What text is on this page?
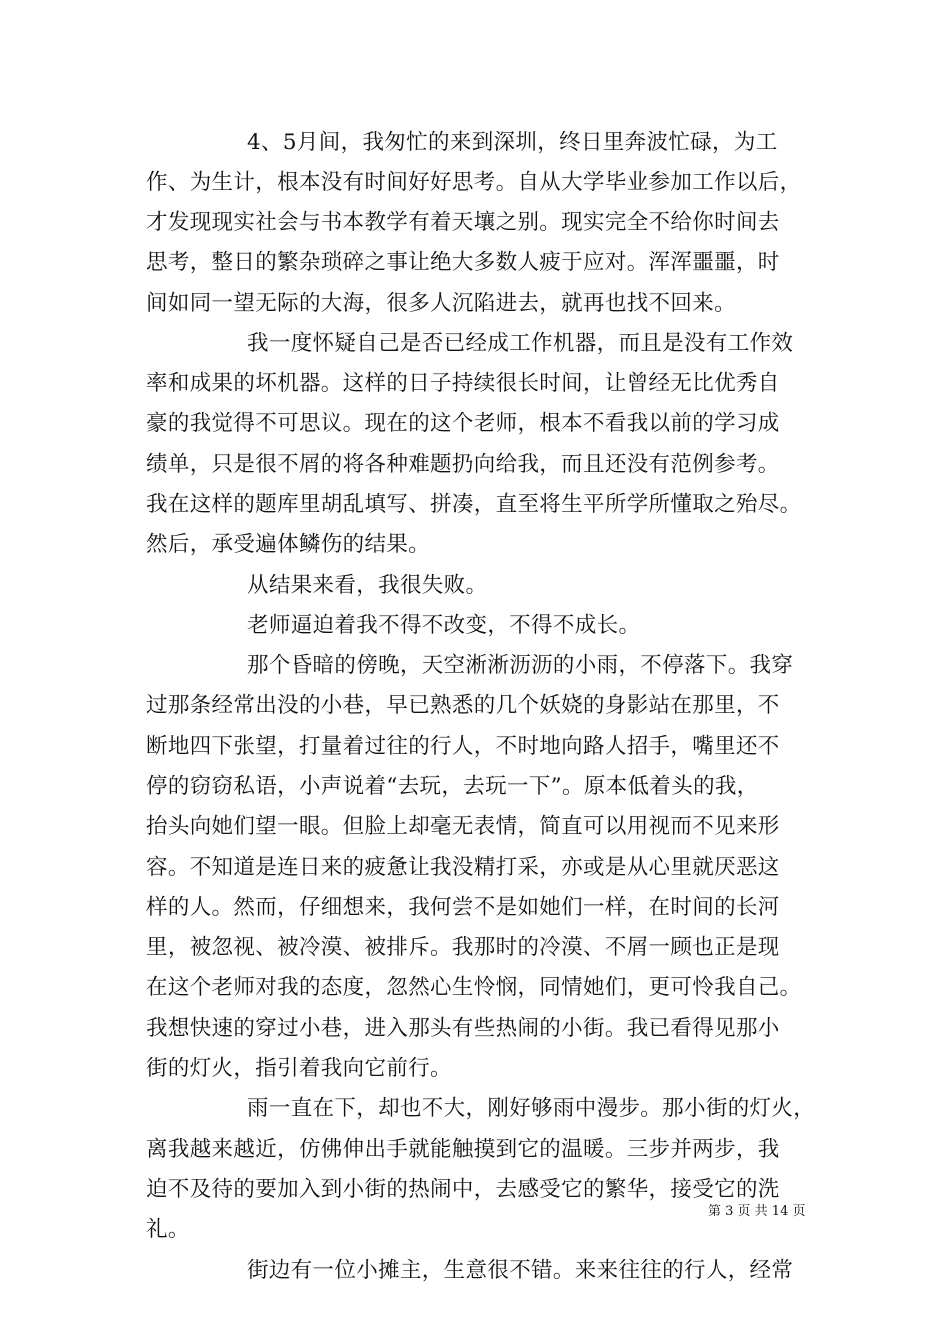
4、5月间，我匆忙的来到深圳，终日里奔波忙碌，为工
作、为生计，根本没有时间好好思考。自从大学毕业参加工作以后，
才发现现实社会与书本教学有着天壤之别。现实完全不给你时间去
思考，整日的繁杂琐碎之事让绝大多数人疲于应对。浑浑噩噩，时
间如同一望无际的大海，很多人沉陷进去，就再也找不回来。
我一度怀疑自己是否已经成工作机器，而且是没有工作效
率和成果的坏机器。这样的日子持续很长时间，让曾经无比优秀自
豪的我觉得不可思议。现在的这个老师，根本不看我以前的学习成
绩单，只是很不屑的将各种难题扔向给我，而且还没有范例参考。
我在这样的题库里胡乱填写、拼凑，直至将生平所学所懂取之殆尽。
然后，承受遍体鳞伤的结果。
从结果来看，我很失败。
老师逼迫着我不得不改变，不得不成长。
那个昏暗的傍晚，天空淅淅沥沥的小雨，不停落下。我穿
过那条经常出没的小巷，早已熟悉的几个妖娆的身影站在那里，不
断地四下张望，打量着过往的行人，不时地向路人招手，嘴里还不
停的窃窃私语，小声说着“去玩，去玩一下”。原本低着头的我，
抬头向她们望一眼。但脸上却毫无表情，简直可以用视而不见来形
容。不知道是连日来的疲惫让我没精打采，亦或是从心里就厌恶这
样的人。然而，仔细想来，我何尝不是如她们一样，在时间的长河
里，被忽视、被冷漠、被排斥。我那时的冷漠、不屑一顾也正是现
在这个老师对我的态度，忽然心生怜悯，同情她们，更可怜我自己。
我想快速的穿过小巷，进入那头有些热闹的小街。我已看得见那小
街的灯火，指引着我向它前行。
雨一直在下，却也不大，刚好够雨中漫步。那小街的灯火，
离我越来越近，仿佛伸出手就能触摸到它的温暖。三步并两步，我
迫不及待的要加入到小街的热闹中，去感受它的繁华，接受它的洗
礼。
街边有一位小摊主，生意很不错。来来往往的行人，经常
第 3 页 共 14 页
